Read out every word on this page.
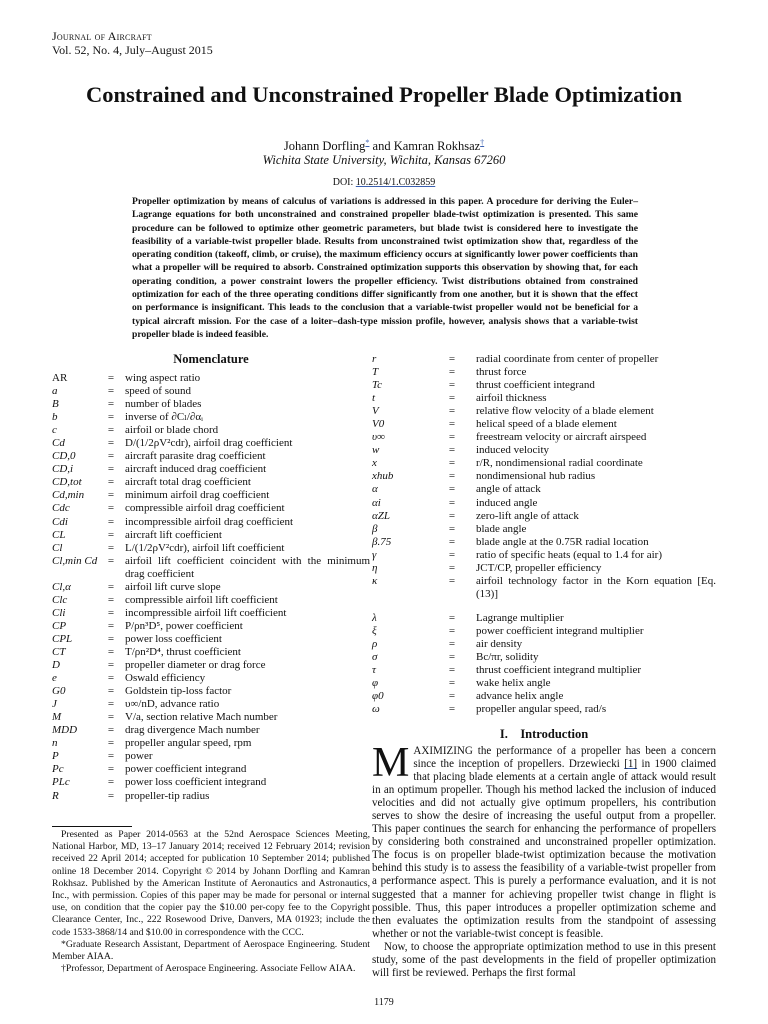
Journal of Aircraft
Vol. 52, No. 4, July–August 2015
Constrained and Unconstrained Propeller Blade Optimization
Johann Dorfling* and Kamran Rokhsaz†
Wichita State University, Wichita, Kansas 67260
DOI: 10.2514/1.C032859
Propeller optimization by means of calculus of variations is addressed in this paper. A procedure for deriving the Euler–Lagrange equations for both unconstrained and constrained propeller blade-twist optimization is presented. This same procedure can be followed to optimize other geometric parameters, but blade twist is considered here to investigate the feasibility of a variable-twist propeller blade. Results from unconstrained twist optimization show that, regardless of the operating condition (takeoff, climb, or cruise), the maximum efficiency occurs at significantly lower power coefficients than what a propeller will be required to absorb. Constrained optimization supports this observation by showing that, for each operating condition, a power constraint lowers the propeller efficiency. Twist distributions obtained from constrained optimization for each of the three operating conditions differ significantly from one another, but it is shown that the effect on performance is insignificant. This leads to the conclusion that a variable-twist propeller would not be beneficial for a typical aircraft mission. For the case of a loiter–dash-type mission profile, however, analysis shows that a variable-twist propeller blade is indeed feasible.
Nomenclature
AR	= wing aspect ratio
a	= speed of sound
B	= number of blades
b	= inverse of ∂Cₗ/∂αᵢ
c	= airfoil or blade chord
Cd	= D/(1/2ρV²cdr), airfoil drag coefficient
CD,0	= aircraft parasite drag coefficient
CD,i	= aircraft induced drag coefficient
CD,tot	= aircraft total drag coefficient
Cd,min	= minimum airfoil drag coefficient
Cdc	= compressible airfoil drag coefficient
Cdi	= incompressible airfoil drag coefficient
CL	= aircraft lift coefficient
Cl	= L/(1/2ρV²cdr), airfoil lift coefficient
Cl,min Cd = airfoil lift coefficient coincident with the minimum drag coefficient
Cl,α	= airfoil lift curve slope
Clc	= compressible airfoil lift coefficient
Cli	= incompressible airfoil lift coefficient
CP	= P/ρn³D⁵, power coefficient
CPL	= power loss coefficient
CT	= T/ρn²D⁴, thrust coefficient
D	= propeller diameter or drag force
e	= Oswald efficiency
G0	= Goldstein tip-loss factor
J	= υ∞/nD, advance ratio
M	= V/a, section relative Mach number
MDD	= drag divergence Mach number
n	= propeller angular speed, rpm
P	= power
Pc	= power coefficient integrand
PLc	= power loss coefficient integrand
R	= propeller-tip radius
r	=	radial coordinate from center of propeller
T	=	thrust force
Tc	=	thrust coefficient integrand
t	=	airfoil thickness
V	=	relative flow velocity of a blade element
V0	=	helical speed of a blade element
υ∞	=	freestream velocity or aircraft airspeed
w	=	induced velocity
x	=	r/R, nondimensional radial coordinate
xhub	=	nondimensional hub radius
α	=	angle of attack
αi	=	induced angle
αZL	=	zero-lift angle of attack
β	=	blade angle
β.75	=	blade angle at the 0.75R radial location
γ	=	ratio of specific heats (equal to 1.4 for air)
η	=	JCT/CP, propeller efficiency
κ	=	airfoil technology factor in the Korn equation [Eq. (13)]
λ	=	Lagrange multiplier
ξ	=	power coefficient integrand multiplier
ρ	=	air density
σ	=	Bc/πr, solidity
τ	=	thrust coefficient integrand multiplier
φ	=	wake helix angle
φ0	=	advance helix angle
ω	=	propeller angular speed, rad/s

Presented as Paper 2014-0563 at the 52nd Aerospace Sciences Meeting, National Harbor, MD, 13–17 January 2014; received 12 February 2014; revision received 22 April 2014; accepted for publication 10 September 2014; published online 18 December 2014. Copyright © 2014 by Johann Dorfling and Kamran Rokhsaz. Published by the American Institute of Aeronautics and Astronautics, Inc., with permission. Copies of this paper may be made for personal or internal use, on condition that the copier pay the $10.00 per-copy fee to the Copyright Clearance Center, Inc., 222 Rosewood Drive, Danvers, MA 01923; include the code 1533-3868/14 and $10.00 in correspondence with the CCC.

*Graduate Research Assistant, Department of Aerospace Engineering. Student Member AIAA.

†Professor, Department of Aerospace Engineering. Associate Fellow AIAA.

I. Introduction

MAXIMIZING the performance of a propeller has been a concern since the inception of propellers. Drzewiecki [1] in 1900 claimed that placing blade elements at a certain angle of attack would result in an optimum propeller. Though his method lacked the inclusion of induced velocities and did not actually give optimum propellers, his contribution serves to show the desire of increasing the useful output from a propeller. This paper continues the search for enhancing the performance of propellers by considering both constrained and unconstrained propeller optimization. The focus is on propeller blade-twist optimization because the motivation behind this study is to assess the feasibility of a variable-twist propeller from a performance aspect. This is purely a performance evaluation, and it is not suggested that a manner for achieving propeller twist change in flight is possible. Thus, this paper introduces a propeller optimization scheme and then evaluates the optimization results from the standpoint of assessing whether or not the variable-twist concept is feasible.

Now, to choose the appropriate optimization method to use in this present study, some of the past developments in the field of propeller optimization will first be reviewed. Perhaps the first formal

1179
